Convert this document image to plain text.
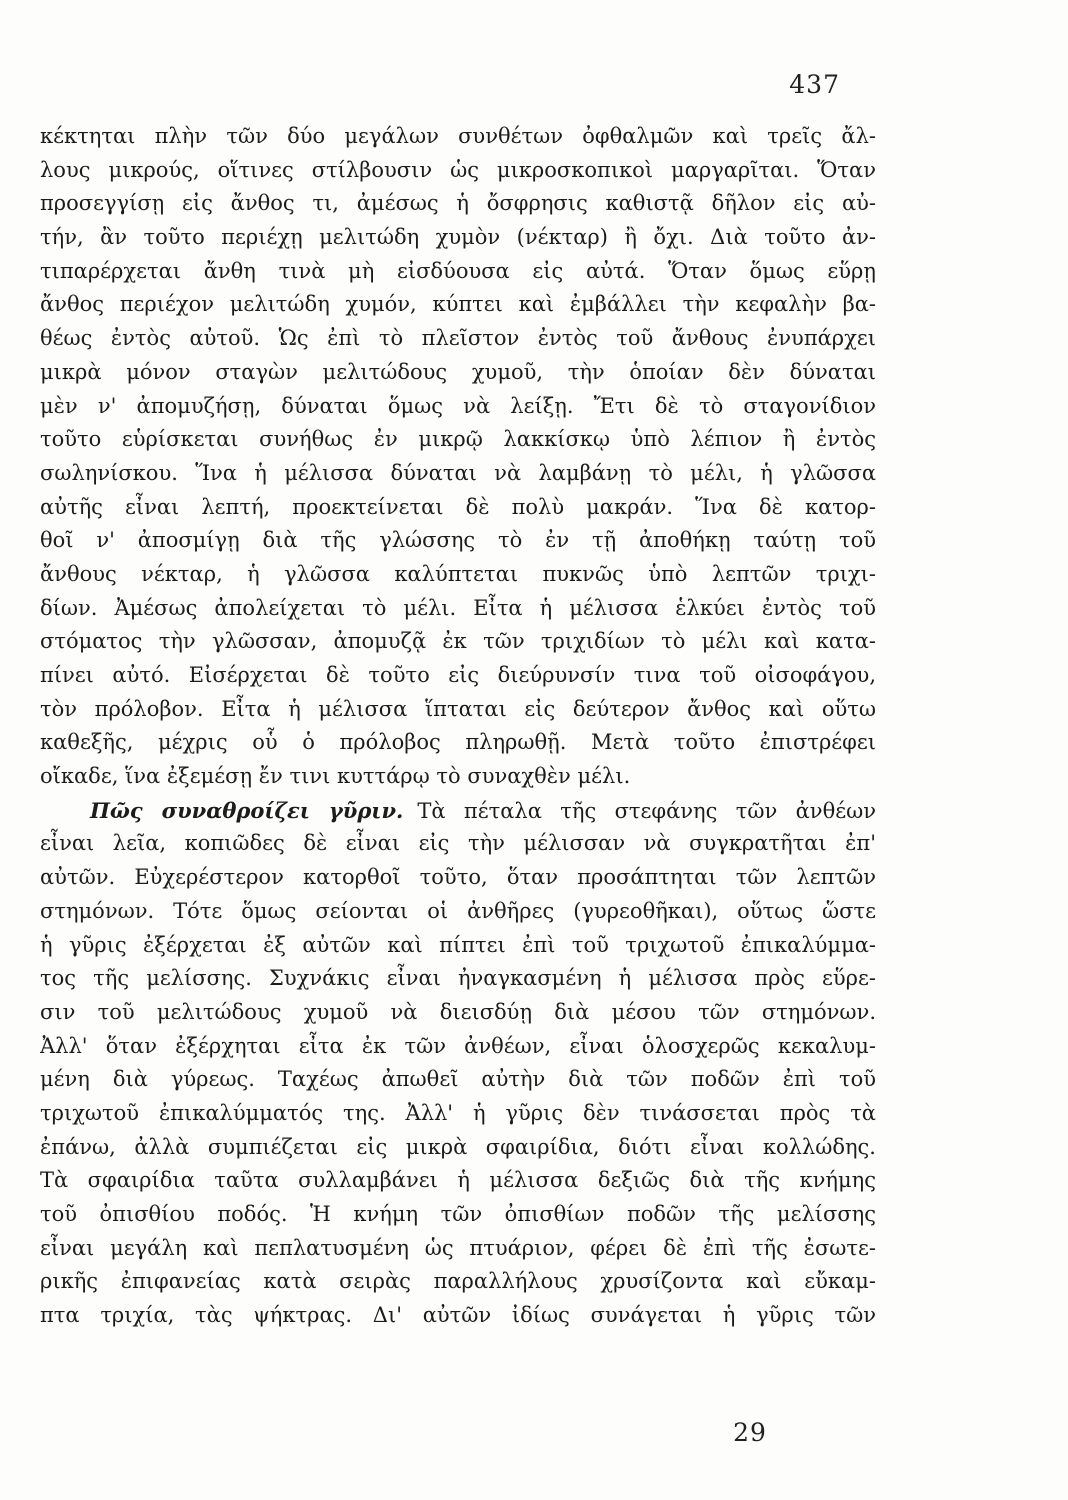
437
κέκτηται πλὴν τῶν δύο μεγάλων συνθέτων ὀφθαλμῶν καὶ τρεῖς ἄλ-
λους μικρούς, οἵτινες στίλβουσιν ὡς μικροσκοπικοὶ μαργαρῖται. Ὅταν
προσεγγίσῃ εἰς ἄνθος τι, ἀμέσως ἡ ὄσφρησις καθιστᾷ δῆλον εἰς αὐ-
τήν, ἂν τοῦτο περιέχῃ μελιτώδη χυμὸν (νέκταρ) ἢ ὄχι. Διὰ τοῦτο ἀν-
τιπαρέρχεται ἄνθη τινὰ μὴ εἰσδύουσα εἰς αὐτά. Ὅταν ὅμως εὕρῃ
ἄνθος περιέχον μελιτώδη χυμόν, κύπτει καὶ ἐμβάλλει τὴν κεφαλὴν βα-
θέως ἐντὸς αὐτοῦ. Ὡς ἐπὶ τὸ πλεῖστον ἐντὸς τοῦ ἄνθους ἐνυπάρχει
μικρὰ μόνον σταγὼν μελιτώδους χυμοῦ, τὴν ὁποίαν δὲν δύναται
μὲν ν' ἀπομυζήσῃ, δύναται ὅμως νὰ λείξῃ. Ἔτι δὲ τὸ σταγονίδιον
τοῦτο εὑρίσκεται συνήθως ἐν μικρῷ λακκίσκῳ ὑπὸ λέπιον ἢ ἐντὸς
σωληνίσκου. Ἵνα ἡ μέλισσα δύναται νὰ λαμβάνῃ τὸ μέλι, ἡ γλῶσσα
αὐτῆς εἶναι λεπτή, προεκτείνεται δὲ πολὺ μακράν. Ἵνα δὲ κατορ-
θοῖ ν' ἀποσμίγῃ διὰ τῆς γλώσσης τὸ ἐν τῇ ἀποθήκῃ ταύτῃ τοῦ
ἄνθους νέκταρ, ἡ γλῶσσα καλύπτεται πυκνῶς ὑπὸ λεπτῶν τριχι-
δίων. Ἀμέσως ἀπολείχεται τὸ μέλι. Εἶτα ἡ μέλισσα ἑλκύει ἐντὸς τοῦ
στόματος τὴν γλῶσσαν, ἀπομυζᾷ ἐκ τῶν τριχιδίων τὸ μέλι καὶ κατα-
πίνει αὐτό. Εἰσέρχεται δὲ τοῦτο εἰς διεύρυνσίν τινα τοῦ οἰσοφάγου,
τὸν πρόλοβον. Εἶτα ἡ μέλισσα ἵπταται εἰς δεύτερον ἄνθος καὶ οὕτω
καθεξῆς, μέχρις οὗ ὁ πρόλοβος πληρωθῇ. Μετὰ τοῦτο ἐπιστρέφει
οἴκαδε, ἵνα ἐξεμέσῃ ἔν τινι κυττάρῳ τὸ συναχθὲν μέλι.
Πῶς συναθροίζει γῦριν. Τὰ πέταλα τῆς στεφάνης τῶν ἀνθέων
εἶναι λεῖα, κοπιῶδες δὲ εἶναι εἰς τὴν μέλισσαν νὰ συγκρατῆται ἐπ'
αὐτῶν. Εὐχερέστερον κατορθοῖ τοῦτο, ὅταν προσάπτηται τῶν λεπτῶν
στημόνων. Τότε ὅμως σείονται οἱ ἀνθῆρες (γυρεοθῆκαι), οὕτως ὥστε
ἡ γῦρις ἐξέρχεται ἐξ αὐτῶν καὶ πίπτει ἐπὶ τοῦ τριχωτοῦ ἐπικαλύμμα-
τος τῆς μελίσσης. Συχνάκις εἶναι ἠναγκασμένη ἡ μέλισσα πρὸς εὕρε-
σιν τοῦ μελιτώδους χυμοῦ νὰ διεισδύῃ διὰ μέσου τῶν στημόνων.
Ἀλλ' ὅταν ἐξέρχηται εἶτα ἐκ τῶν ἀνθέων, εἶναι ὁλοσχερῶς κεκαλυμ-
μένη διὰ γύρεως. Ταχέως ἀπωθεῖ αὐτὴν διὰ τῶν ποδῶν ἐπὶ τοῦ
τριχωτοῦ ἐπικαλύμματός της. Ἀλλ' ἡ γῦρις δὲν τινάσσεται πρὸς τὰ
ἐπάνω, ἀλλὰ συμπιέζεται εἰς μικρὰ σφαιρίδια, διότι εἶναι κολλώδης.
Τὰ σφαιρίδια ταῦτα συλλαμβάνει ἡ μέλισσα δεξιῶς διὰ τῆς κνήμης
τοῦ ὀπισθίου ποδός. Ἡ κνήμη τῶν ὀπισθίων ποδῶν τῆς μελίσσης
εἶναι μεγάλη καὶ πεπλατυσμένη ὡς πτυάριον, φέρει δὲ ἐπὶ τῆς ἐσωτε-
ρικῆς ἐπιφανείας κατὰ σειρὰς παραλλήλους χρυσίζοντα καὶ εὔκαμ-
πτα τριχία, τὰς ψήκτρας. Δι' αὐτῶν ἰδίως συνάγεται ἡ γῦρις τῶν
29
